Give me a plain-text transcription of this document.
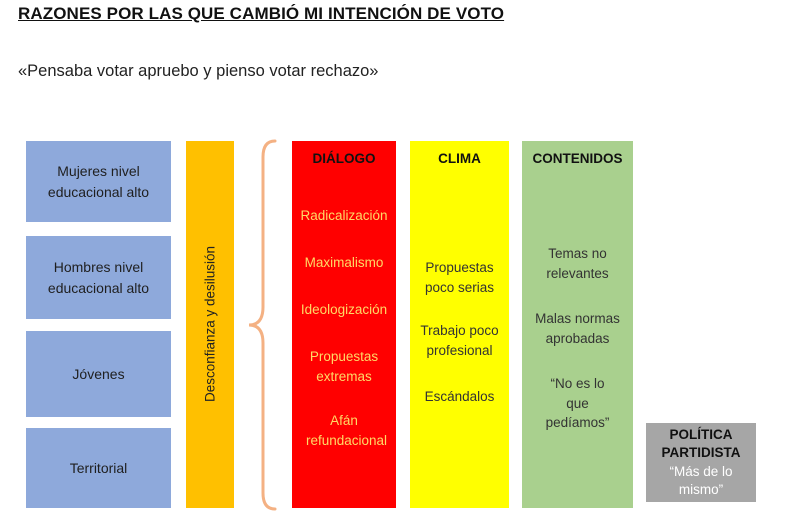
RAZONES POR LAS QUE CAMBIÓ MI INTENCIÓN DE VOTO
«Pensaba votar apruebo y pienso votar rechazo»
Mujeres nivel educacional alto
Hombres nivel educacional alto
Jóvenes
Territorial
Desconfianza y desilusión
DIÁLOGO
Radicalización
Maximalismo
Ideologización
Propuestas extremas
Afán refundacional
CLIMA
Propuestas poco serias
Trabajo poco profesional
Escándalos
CONTENIDOS
Temas no relevantes
Malas normas aprobadas
“No es lo que pedíamos”
POLÍTICA PARTIDISTA
“Más de lo mismo”
